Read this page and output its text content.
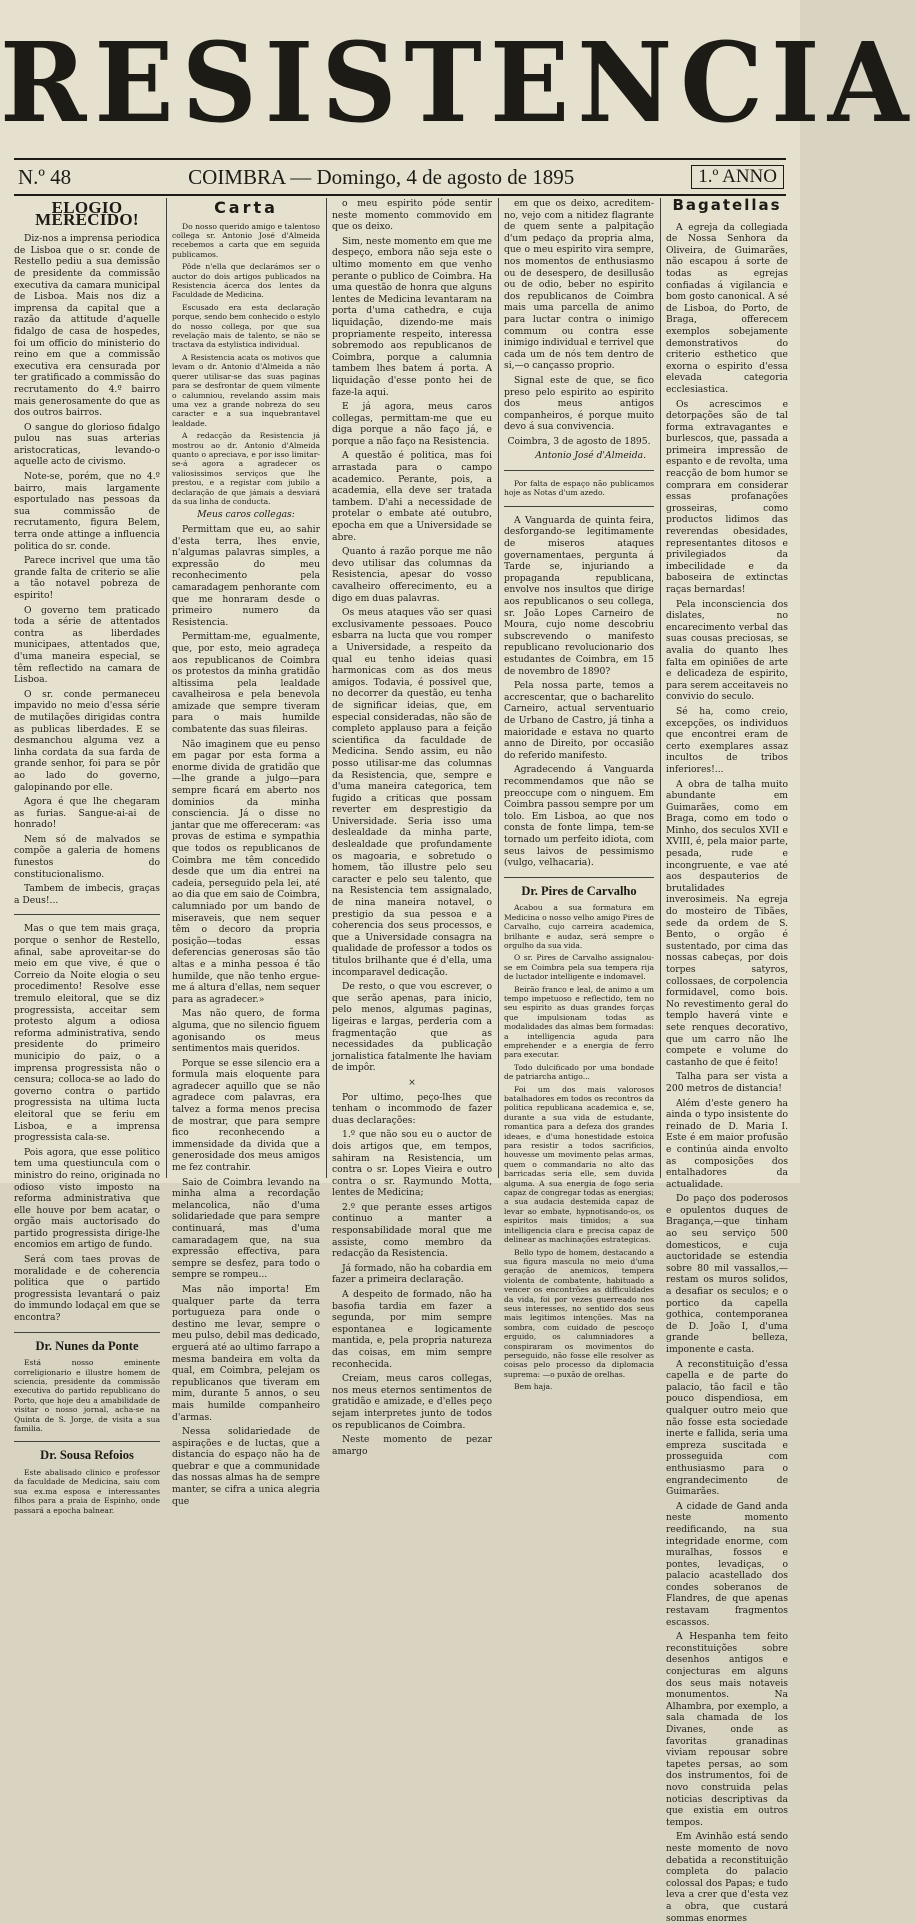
RESISTENCIA
N.º 48	COIMBRA — Domingo, 4 de agosto de 1895	1.º ANNO
ELOGIO MERECIDO!

Diz-nos a imprensa periodica de Lisboa que o sr. conde de Restello pediu a sua demissão de presidente da commissão executiva da camara municipal de Lisboa. Mais nos diz a imprensa da capital que a razão da attitude d'aquelle fidalgo de casa de hospedes, foi um officio do ministerio do reino em que a commissão executiva era censurada por ter gratificado a commissão do recrutamento do 4.º bairro mais generosamente do que as dos outros bairros.

O sangue do glorioso fidalgo pulou nas suas arterias aristocraticas, levando-o aquelle acto de civismo.

Note-se, porém, que no 4.º bairro, mais largamente esportulado nas pessoas da sua commissão de recrutamento, figura Belem, terra onde attinge a influencia politica do sr. conde.

Parece incrivel que uma tão grande falta de criterio se alie a tão notavel pobreza de espirito!

O governo tem praticado toda a série de attentados contra as liberdades municipaes, attentados que, d'uma maneira especial, se têm reflectido na camara de Lisboa.

O sr. conde permaneceu impavido no meio d'essa série de mutilações dirigidas contra as publicas liberdades. E se desmanchou alguma vez a linha cordata da sua farda de grande senhor, foi para se pôr ao lado do governo, galopinando por elle.

Agora é que lhe chegaram as furias. Sangue-ai-ai de honrado!

Nem só de malvados se compõe a galeria de homens funestos do constitucionalismo.

Tambem de imbecis, graças a Deus!...

Mas o que tem mais graça, porque o senhor de Restello, afinal, sabe aproveitar-se do meio em que vive, é que o Correio da Noite elogia o seu procedimento! Resolve esse tremulo eleitoral, que se diz progressista, acceitar sem protesto algum a odiosa reforma administrativa, sendo presidente do primeiro municipio do paiz, o a imprensa progressista não o censura; colloca-se ao lado do governo contra o partido progressista na ultima lucta eleitoral que se feriu em Lisboa, e a imprensa progressista cala-se.

Pois agora, que esse politico tem uma questiuncula com o ministro do reino, originada no odioso visto imposto na reforma administrativa que elle houve por bem acatar, o orgão mais auctorisado do partido progressista dirige-lhe encomios em artigo de fundo.

Será com taes provas de moralidade e de coherencia politica que o partido progressista levantará o paiz do immundo lodaçal em que se encontra?

Dr. Nunes da Ponte

Está nosso eminente correligionario e illustre homem de sciencia, presidente da commissão executiva do partido republicano do Porto, que hoje deu a amabilidade de visitar o nosso jornal, acha-se na Quinta de S. Jorge, de visita a sua familia.

Dr. Sousa Refoios

Este abalisado clinico e professor da faculdade de Medicina, saiu com sua ex.ma esposa e interessantes filhos para a praia de Espinho, onde passará a epocha balnear.

Carta

Do nosso querido amigo e talentoso collega sr. Antonio José d'Almeida recebemos a carta que em seguida publicamos.

Pôde n'ella que declarámos ser o auctor do dois artigos publicados na Resistencia ácerca dos lentes da Faculdade de Medicina.

Escusado era esta declaração porque, sendo bem conhecido o estylo do nosso collega, por que sua revelação mais de talento, se não se tractava da estylistica individual.

A Resistencia acata os motivos que levam o dr. Antonio d'Almeida a não querer utilisar-se das suas paginas para se desfrontar de quem vilmente o calumniou, revelando assim mais uma vez a grande nobreza do seu caracter e a sua inquebrantavel lealdade.

A redacção da Resistencia já mostrou ao dr. Antonio d'Almeida quanto o apreciava, e por isso limitar-se-á agora a agradecer os valiosissimos serviços que lhe prestou, e a registar com jubilo a declaração de que jámais a desviará da sua linha de conducta.

Meus caros collegas:

Permittam que eu, ao sahir d'esta terra, lhes envie, n'algumas palavras simples, a expressão do meu reconhecimento pela camaradagem penhorante com que me honraram desde o primeiro numero da Resistencia.

Permittam-me, egualmente, que, por esto, meio agradeça aos republicanos de Coimbra os protestos da minha gratidão altissima pela lealdade cavalheirosa e pela benevola amizade que sempre tiveram para o mais humilde combatente das suas fileiras.

Não imaginem que eu penso em pagar por esta forma a enorme divida de gratidão que—lhe grande a julgo—para sempre ficará em aberto nos dominios da minha consciencia. Já o disse no jantar que me offereceram: «as provas de estima e sympathia que todos os republicanos de Coimbra me têm concedido desde que um dia entrei na cadeia, perseguido pela lei, até ao dia que em saio de Coimbra, calumniado por um bando de miseraveis, que nem sequer têm o decoro da propria posição—todas essas deferencias generosas são tão altas e a minha pessoa é tão humilde, que não tenho ergue-me á altura d'ellas, nem sequer para as agradecer.»

Mas não quero, de forma alguma, que no silencio figuem agonisando os meus sentimentos mais queridos.

Porque se esse silencio era a formula mais eloquente para agradecer aquillo que se não agradece com palavras, era talvez a forma menos precisa de mostrar, que para sempre fico reconhecendo a immensidade da divida que a generosidade dos meus amigos me fez contrahir.

Saio de Coimbra levando na minha alma a recordação melancolica, não d'uma solidariedade que para sempre continuará, mas d'uma camaradagem que, na sua expressão effectiva, para sempre se desfez, para todo o sempre se rompeu...

Mas não importa! Em qualquer parte da terra portugueza para onde o destino me levar, sempre o meu pulso, debil mas dedicado, erguerá até ao ultimo farrapo a mesma bandeira em volta da qual, em Coimbra, pelejam os republicanos que tiveram em mim, durante 5 annos, o seu mais humilde companheiro d'armas.

Nessa solidariedade de aspirações e de luctas, que a distancia do espaço não ha de quebrar e que a communidade das nossas almas ha de sempre manter, se cifra a unica alegria que

o meu espirito póde sentir neste momento commovido em que os deixo.

Sim, neste momento em que me despeço, embora não seja este o ultimo momento em que venho perante o publico de Coimbra. Ha uma questão de honra que alguns lentes de Medicina levantaram na porta d'uma cathedra, e cuja liquidação, dizendo-me mais propriamente respeito, interessa sobremodo aos republicanos de Coimbra, porque a calumnia tambem lhes batem á porta. A liquidação d'esse ponto hei de faze-la aqui.

E já agora, meus caros collegas, permittam-me que eu diga porque a não faço já, e porque a não faço na Resistencia.

A questão é politica, mas foi arrastada para o campo academico. Perante, pois, a academia, ella deve ser tratada tambem. D'ahi a necessidade de protelar o embate até outubro, epocha em que a Universidade se abre.

Quanto á razão porque me não devo utilisar das columnas da Resistencia, apesar do vosso cavalheiro offerecimento, eu a digo em duas palavras.

Os meus ataques vão ser quasi exclusivamente pessoaes. Pouco esbarra na lucta que vou romper a Universidade, a respeito da qual eu tenho ideias quasi harmonicas com as dos meus amigos. Todavia, é possivel que, no decorrer da questão, eu tenha de significar ideias, que, em especial consideradas, não são de completo applauso para a feição scientifica da faculdade de Medicina. Sendo assim, eu não posso utilisar-me das columnas da Resistencia, que, sempre e d'uma maneira categorica, tem fugido a criticas que possam reverter em desprestigio da Universidade. Seria isso uma deslealdade da minha parte, deslealdade que profundamente os magoaria, e sobretudo o homem, tão illustre pelo seu caracter e pelo seu talento, que na Resistencia tem assignalado, de nina maneira notavel, o prestigio da sua pessoa e a coherencia dos seus processos, e que a Universidade consagra na qualidade de professor a todos os titulos brilhante que é d'ella, uma incomparavel dedicação.

De resto, o que vou escrever, o que serão apenas, para inicio, pelo menos, algumas paginas, ligeiras e largas, perderia com a fragmentação que as necessidades da publicação jornalistica fatalmente lhe haviam de impôr.

⨯

Por ultimo, peço-lhes que tenham o incommodo de fazer duas declarações:

1.º que não sou eu o auctor de dois artigos que, em tempos, sahiram na Resistencia, um contra o sr. Lopes Vieira e outro contra o sr. Raymundo Motta, lentes de Medicina;

2.º que perante esses artigos continuo a manter a responsabilidade moral que me assiste, como membro da redacção da Resistencia.

Já formado, não ha cobardia em fazer a primeira declaração.

A despeito de formado, não ha basofia tardia em fazer a segunda, por mim sempre espontanea e logicamente mantida, e, pela propria natureza das coisas, em mim sempre reconhecida.

Creiam, meus caros collegas, nos meus eternos sentimentos de gratidão e amizade, e d'elles peço sejam interpretes junto de todos os republicanos de Coimbra.

Neste momento de pezar amargo

em que os deixo, acreditem-no, vejo com a nitidez flagrante de quem sente a palpitação d'um pedaço da propria alma, que o meu espirito vira sempre, nos momentos de enthusiasmo ou de desespero, de desillusão ou de odio, beber no espirito dos republicanos de Coimbra mais uma parcella de animo para luctar contra o inimigo commum ou contra esse inimigo individual e terrivel que cada um de nós tem dentro de si,—o cançasso proprio.

Signal este de que, se fico preso pelo espirito ao espirito dos meus antigos companheiros, é porque muito devo á sua convivencia.

Coimbra, 3 de agosto de 1895.

Antonio José d'Almeida.

Por falta de espaço não publicamos hoje as Notas d'um azedo.

A Vanguarda de quinta feira, desforgando-se legitimamente de miseros ataques governamentaes, pergunta á Tarde se, injuriando a propaganda republicana, envolve nos insultos que dirige aos republicanos o seu collega, sr. João Lopes Carneiro de Moura, cujo nome descobriu subscrevendo o manifesto republicano revolucionario dos estudantes de Coimbra, em 15 de novembro de 1890?

Pela nossa parte, temos a accrescentar, que o bacharelito Carneiro, actual serventuario de Urbano de Castro, já tinha a maioridade e estava no quarto anno de Direito, por occasião do referido manifesto.

Agradecendo á Vanguarda recommendamos que não se preoccupe com o ninguem. Em Coimbra passou sempre por um tolo. Em Lisboa, ao que nos consta de fonte limpa, tem-se tornado um perfeito idiota, com seus laivos de pessimismo (vulgo, velhacaria).

Dr. Pires de Carvalho

Acabou a sua formatura em Medicina o nosso velho amigo Pires de Carvalho, cujo carreira academica, brilhante e audaz, será sempre o orgulho da sua vida.

O sr. Pires de Carvalho assignalou-se em Coimbra pela sua tempera rija de luctador intelligente e indomavel.

Beirão franco e leal, de animo a um tempo impetuoso e reflectido, tem no seu espirito as duas grandes forças que impulsionam todas as modalidades das almas bem formadas: a intelligencia aguda para emprehender e a energia de ferro para executar.

Todo dulcificado por uma bondade de patriarcha antigo...

Foi um dos mais valorosos batalhadores em todos os recontros da politica republicana academica e, se, durante a sua vida de estudante, romantica para a defeza dos grandes ideaes, e d'uma honestidade estoica para resistir a todos sacrificios, houvesse um movimento pelas armas, quem o commandaria no alto das barricadas seria elle, sem duvida alguma. A sua energia de fogo seria capaz de congregar todas as energias; a sua audacia destemida capaz de levar ao embate, hypnotisando-os, os espiritos mais timidos; a sua intelligencia clara e precisa capaz de delinear as machinações estrategicas.

Bello typo de homem, destacando a sua figura mascula no meio d'uma geração de anemicos, tempera violenta de combatente, habituado a vencer os encontrões as difficuldades da vida, foi por vezes guerreado nos seus interesses, no sentido dos seus mais legitimos intenções. Mas na sombra, com cuidado de pescoço erguido, os calumniadores a conspiraram os movimentos do perseguido, não fosse elle resolver as coisas pelo processo da diplomacia suprema: —o puxão de orelhas.

Bem haja.

Bagatellas

A egreja da collegiada de Nossa Senhora da Oliveira, de Guimarães, não escapou á sorte de todas as egrejas confiadas á vigilancia e bom gosto canonical. A sé de Lisboa, do Porto, de Braga, offerecem exemplos sobejamente demonstrativos do criterio esthetico que exorna o espirito d'essa elevada categoria ecclesiastica.

Os acrescimos e detorpações são de tal forma extravagantes e burlescos, que, passada a primeira impressão de espanto e de revolta, uma reacção de bom humor se comprara em considerar essas profanações grosseiras, como productos lidimos das reverendas obesidades, representantes ditosos e privilegiados da imbecilidade e da baboseira de extinctas raças bernardas!

Pela inconsciencia dos dislates, no encarecimento verbal das suas cousas preciosas, se avalia do quanto lhes falta em opiniões de arte e delicadeza de espirito, para serem acceitaveis no convivio do seculo.

Sé ha, como creio, excepções, os individuos que encontrei eram de certo exemplares assaz incultos de tribos inferiores!...

A obra de talha muito abundante em Guimarães, como em Braga, como em todo o Minho, dos seculos XVII e XVIII, é, pela maior parte, pesada, rude e incongruente, e vae até aos despauterios de brutalidades inverosimeis. Na egreja do mosteiro de Tibães, sede da ordem de S. Bento, o orgão é sustentado, por cima das nossas cabeças, por dois torpes satyros, collossaes, de corpolencia formidavel, como bois. No revestimento geral do templo haverá vinte e sete renques decorativo, que um carro não lhe compete e volume do castanho de que é feito!

Talha para ser vista a 200 metros de distancia!

Além d'este genero ha ainda o typo insistente do reinado de D. Maria I. Este é em maior profusão e continúa ainda envolto as composições dos entalhadores da actualidade.

Do paço dos poderosos e opulentos duques de Bragança,—que tinham ao seu serviço 500 domesticos, e cuja auctoridade se estendia sobre 80 mil vassallos,—restam os muros solidos, a desafiar os seculos; e o portico da capella gothica, contemporanea de D. João I, d'uma grande belleza, imponente e casta.

A reconstituição d'essa capella e de parte do palacio, tão facil e tão pouco dispendiosa, em qualquer outro meio que não fosse esta sociedade inerte e fallida, seria uma empreza suscitada e prosseguida com enthusiasmo para o engrandecimento de Guimarães.

A cidade de Gand anda neste momento reedificando, na sua integridade enorme, com muralhas, fossos e pontes, levadiças, o palacio acastellado dos condes soberanos de Flandres, de que apenas restavam fragmentos escassos.

A Hespanha tem feito reconstituições sobre desenhos antigos e conjecturas em alguns dos seus mais notaveis monumentos. Na Alhambra, por exemplo, a sala chamada de los Divanes, onde as favoritas granadinas viviam repousar sobre tapetes persas, ao som dos instrumentos, foi de novo construida pelas noticias descriptivas da que existia em outros tempos.

Em Avinhão está sendo neste momento de novo debatida a reconstituição completa do palacio colossal dos Papas; e tudo leva a crer que d'esta vez a obra, que custará sommas enormes
